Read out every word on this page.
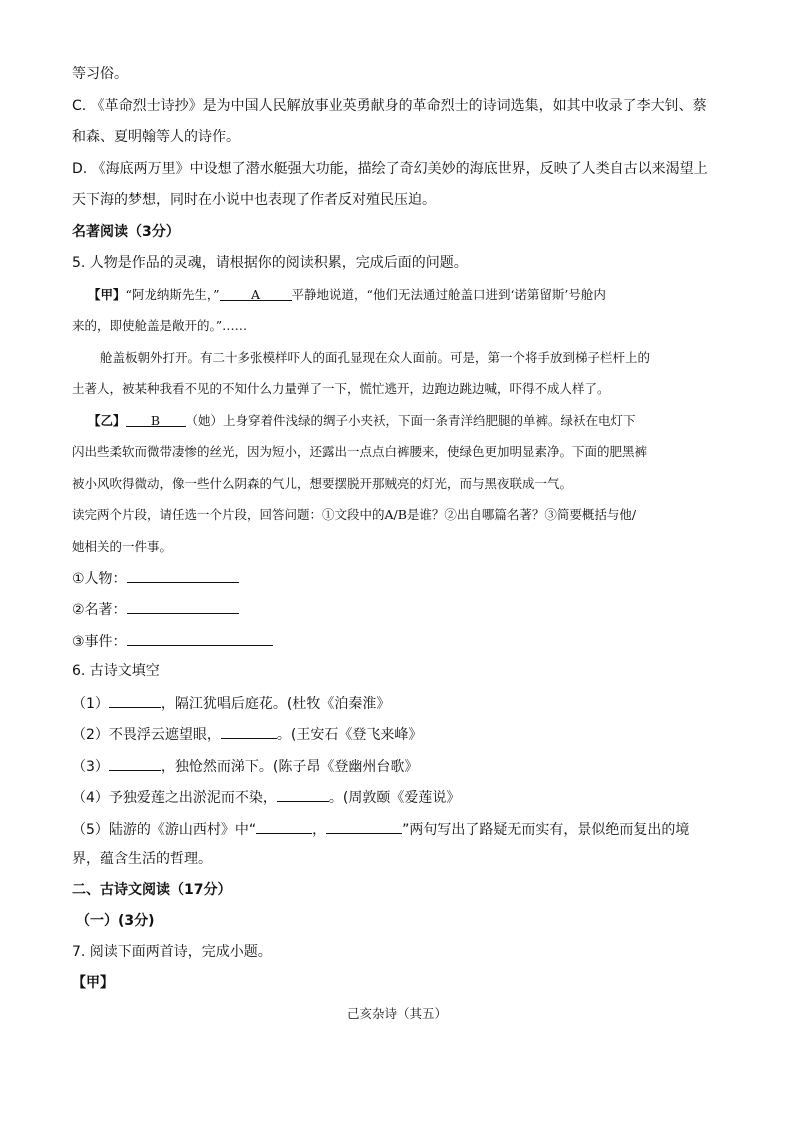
等习俗。
C. 《革命烈士诗抄》是为中国人民解放事业英勇献身的革命烈士的诗词选集，如其中收录了李大钊、蔡
和森、夏明翰等人的诗作。
D. 《海底两万里》中设想了潜水艇强大功能，描绘了奇幻美妙的海底世界，反映了人类自古以来渴望上
天下海的梦想，同时在小说中也表现了作者反对殖民压迫。
名著阅读（3分）
5. 人物是作品的灵魂，请根据你的阅读积累，完成后面的问题。
【甲】“阿龙纳斯先生，”	A	平静地说道，“他们无法通过舱盖口进到‘诺第留斯’号舱内
来的，即使舱盖是敞开的。”……
舱盖板朝外打开。有二十多张模样吓人的面孔显现在众人面前。可是，第一个将手放到梯子栏杆上的
土著人，被某种我看不见的不知什么力量弹了一下，慌忙逃开，边跑边跳边喊，吓得不成人样了。
【乙】 B （她）上身穿着件浅绿的绸子小夹袄，下面一条青洋绉肥腿的单裤。绿袄在电灯下
闪出些柔软而微带凄惨的丝光，因为短小，还露出一点点白裤腰来，使绿色更加明显素净。下面的肥黑裤
被小风吹得微动，像一些什么阴森的气儿，想要摆脱开那贼亮的灯光，而与黑夜联成一气。
读完两个片段，请任选一个片段，回答问题：①文段中的A/B是谁？②出自哪篇名著？③简要概括与他/
她相关的一件事。
①人物：
②名著：
③事件：
6. 古诗文填空
（1）	，隔江犹唱后庭花。(杜牧《泊秦淮》
（2）不畏浮云遮望眼，	。(王安石《登飞来峰》
（3）	，独怆然而涕下。(陈子昂《登幽州台歌》
（4）予独爱莲之出淤泥而不染，	。(周敦颐《爱莲说》
（5）陆游的《游山西村》中“	，	”两句写出了路疑无而实有，景似绝而复出的境
界，蕴含生活的哲理。
二、古诗文阅读（17分）
（一）(3分)
7. 阅读下面两首诗，完成小题。
【甲】
己亥杂诗（其五）
